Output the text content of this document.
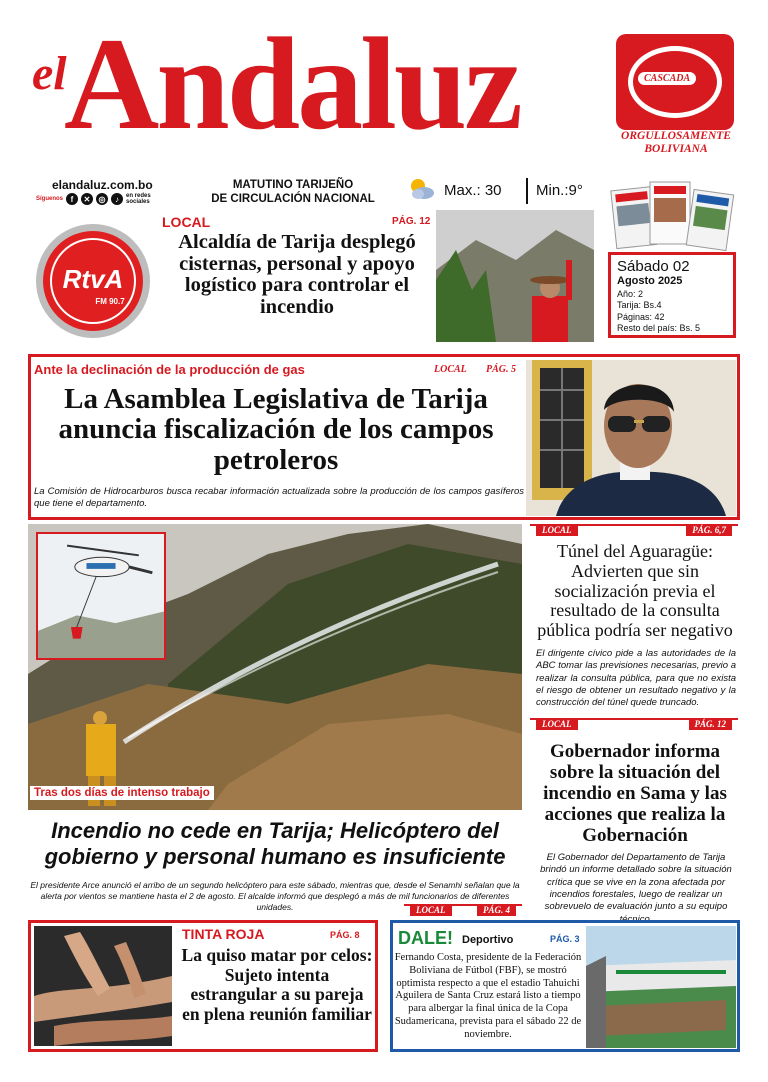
el
Andaluz	CASCADA
ORGULLOSAMENTE
BOLIVIANA
elandaluz.com.bo
Síguenos f	✕	◎	♪	en redes sociales
MATUTINO TARIJEÑO
DE CIRCULACIÓN NACIONAL
Max.: 30 Min.:9°
Sábado 02
Agosto 2025
Año: 2
Tarija: Bs.4
Páginas: 42
Resto del país: Bs. 5
RtvA
FM 90.7
LOCAL	PÁG. 12
Alcaldía de Tarija desplegó cisternas, personal y apoyo logístico para controlar el incendio
Ante la declinación de la producción de gas	LOCAL PÁG. 5
La Asamblea Legislativa de Tarija anuncia fiscalización de los campos petroleros
La Comisión de Hidrocarburos busca recabar información actualizada sobre la producción de los campos gasíferos que tiene el departamento.
Tras dos días de intenso trabajo
Incendio no cede en Tarija; Helicóptero del gobierno y personal humano es insuficiente
El presidente Arce anunció el arribo de un segundo helicóptero para este sábado, mientras que, desde el Senamhi señalan que la alerta por vientos se mantiene hasta el 2 de agosto. El alcalde informó que desplegó a más de mil funcionarios de diferentes unidades.	LOCAL	PÁG. 4
LOCAL	PÁG. 6,7
Túnel del Aguaragüe: Advierten que sin socialización previa el resultado de la consulta pública podría ser negativo
El dirigente cívico pide a las autoridades de la ABC tomar las previsiones necesarias, previo a realizar la consulta pública, para que no exista el riesgo de obtener un resultado negativo y la construcción del túnel quede truncado.
LOCAL	PÁG. 12
Gobernador informa sobre la situación del incendio en Sama y las acciones que realiza la Gobernación
El Gobernador del Departamento de Tarija brindó un informe detallado sobre la situación crítica que se vive en la zona afectada por incendios forestales, luego de realizar un sobrevuelo de evaluación junto a su equipo técnico.
TINTA ROJA	PÁG. 8
La quiso matar por celos: Sujeto intenta estrangular a su pareja en plena reunión familiar
DALE! Deportivo	PÁG. 3
Fernando Costa, presidente de la Federación Boliviana de Fútbol (FBF), se mostró optimista respecto a que el estadio Tahuichi Aguilera de Santa Cruz estará listo a tiempo para albergar la final única de la Copa Sudamericana, prevista para el sábado 22 de noviembre.
